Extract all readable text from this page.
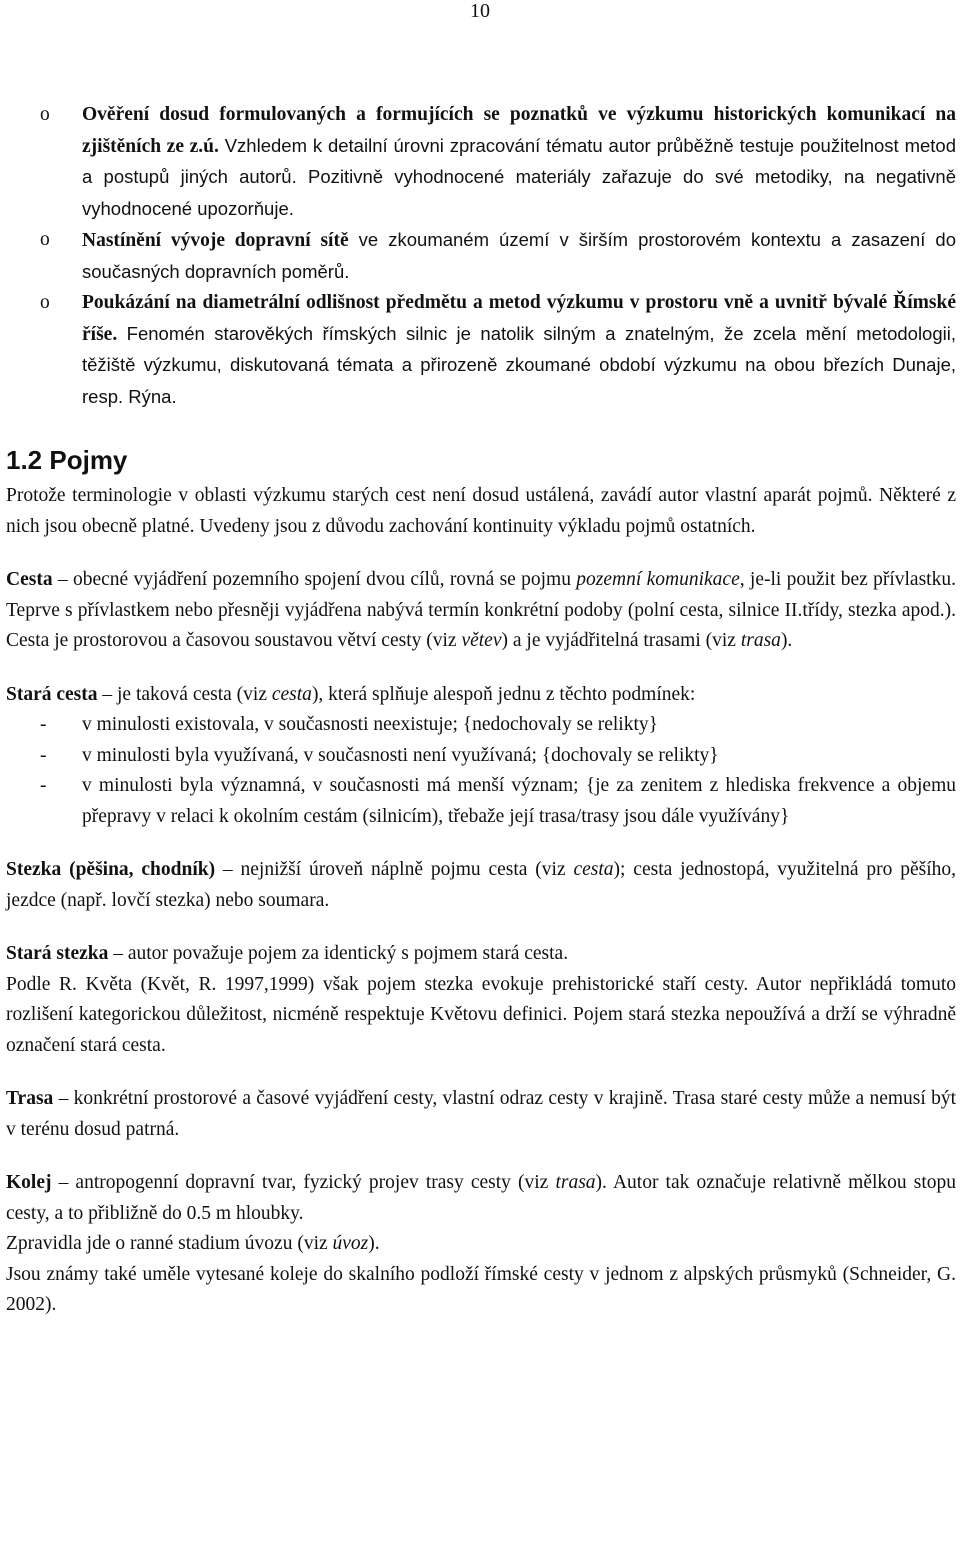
10
o Ověření dosud formulovaných a formujících se poznatků ve výzkumu historických komunikací na zjištěních ze z.ú. Vzhledem k detailní úrovni zpracování tématu autor průběžně testuje použitelnost metod a postupů jiných autorů. Pozitivně vyhodnocené materiály zařazuje do své metodiky, na negativně vyhodnocené upozorňuje.
o Nastínění vývoje dopravní sítě ve zkoumaném území v širším prostorovém kontextu a zasazení do současných dopravních poměrů.
o Poukázání na diametrální odlišnost předmětu a metod výzkumu v prostoru vně a uvnitř bývalé Římské říše. Fenomén starověkých římských silnic je natolik silným a znatelným, že zcela mění metodologii, těžiště výzkumu, diskutovaná témata a přirozeně zkoumané období výzkumu na obou březích Dunaje, resp. Rýna.
1.2 Pojmy

Protože terminologie v oblasti výzkumu starých cest není dosud ustálená, zavádí autor vlastní aparát pojmů. Některé z nich jsou obecně platné. Uvedeny jsou z důvodu zachování kontinuity výkladu pojmů ostatních.

Cesta – obecné vyjádření pozemního spojení dvou cílů, rovná se pojmu pozemní komunikace, je-li použit bez přívlastku. Teprve s přívlastkem nebo přesněji vyjádřena nabývá termín konkrétní podoby (polní cesta, silnice II.třídy, stezka apod.). Cesta je prostorovou a časovou soustavou větví cesty (viz větev) a je vyjádřitelná trasami (viz trasa).

Stará cesta – je taková cesta (viz cesta), která splňuje alespoň jednu z těchto podmínek:

- v minulosti existovala, v současnosti neexistuje; {nedochovaly se relikty}
- v minulosti byla využívaná, v současnosti není využívaná; {dochovaly se relikty}
- v minulosti byla významná, v současnosti má menší význam; {je za zenitem z hlediska frekvence a objemu přepravy v relaci k okolním cestám (silnicím), třebaže její trasa/trasy jsou dále využívány}

Stezka (pěšina, chodník) – nejnižší úroveň náplně pojmu cesta (viz cesta); cesta jednostopá, využitelná pro pěšího, jezdce (např. lovčí stezka) nebo soumara.

Stará stezka – autor považuje pojem za identický s pojmem stará cesta.

Podle R. Květa (Květ, R. 1997,1999) však pojem stezka evokuje prehistorické staří cesty. Autor nepřikládá tomuto rozlišení kategorickou důležitost, nicméně respektuje Květovu definici. Pojem stará stezka nepoužívá a drží se výhradně označení stará cesta.

Trasa – konkrétní prostorové a časové vyjádření cesty, vlastní odraz cesty v krajině. Trasa staré cesty může a nemusí být v terénu dosud patrná.

Kolej – antropogenní dopravní tvar, fyzický projev trasy cesty (viz trasa). Autor tak označuje relativně mělkou stopu cesty, a to přibližně do 0.5 m hloubky.

Zpravidla jde o ranné stadium úvozu (viz úvoz).

Jsou známy také uměle vytesané koleje do skalního podloží římské cesty v jednom z alpských průsmyků (Schneider, G. 2002).
